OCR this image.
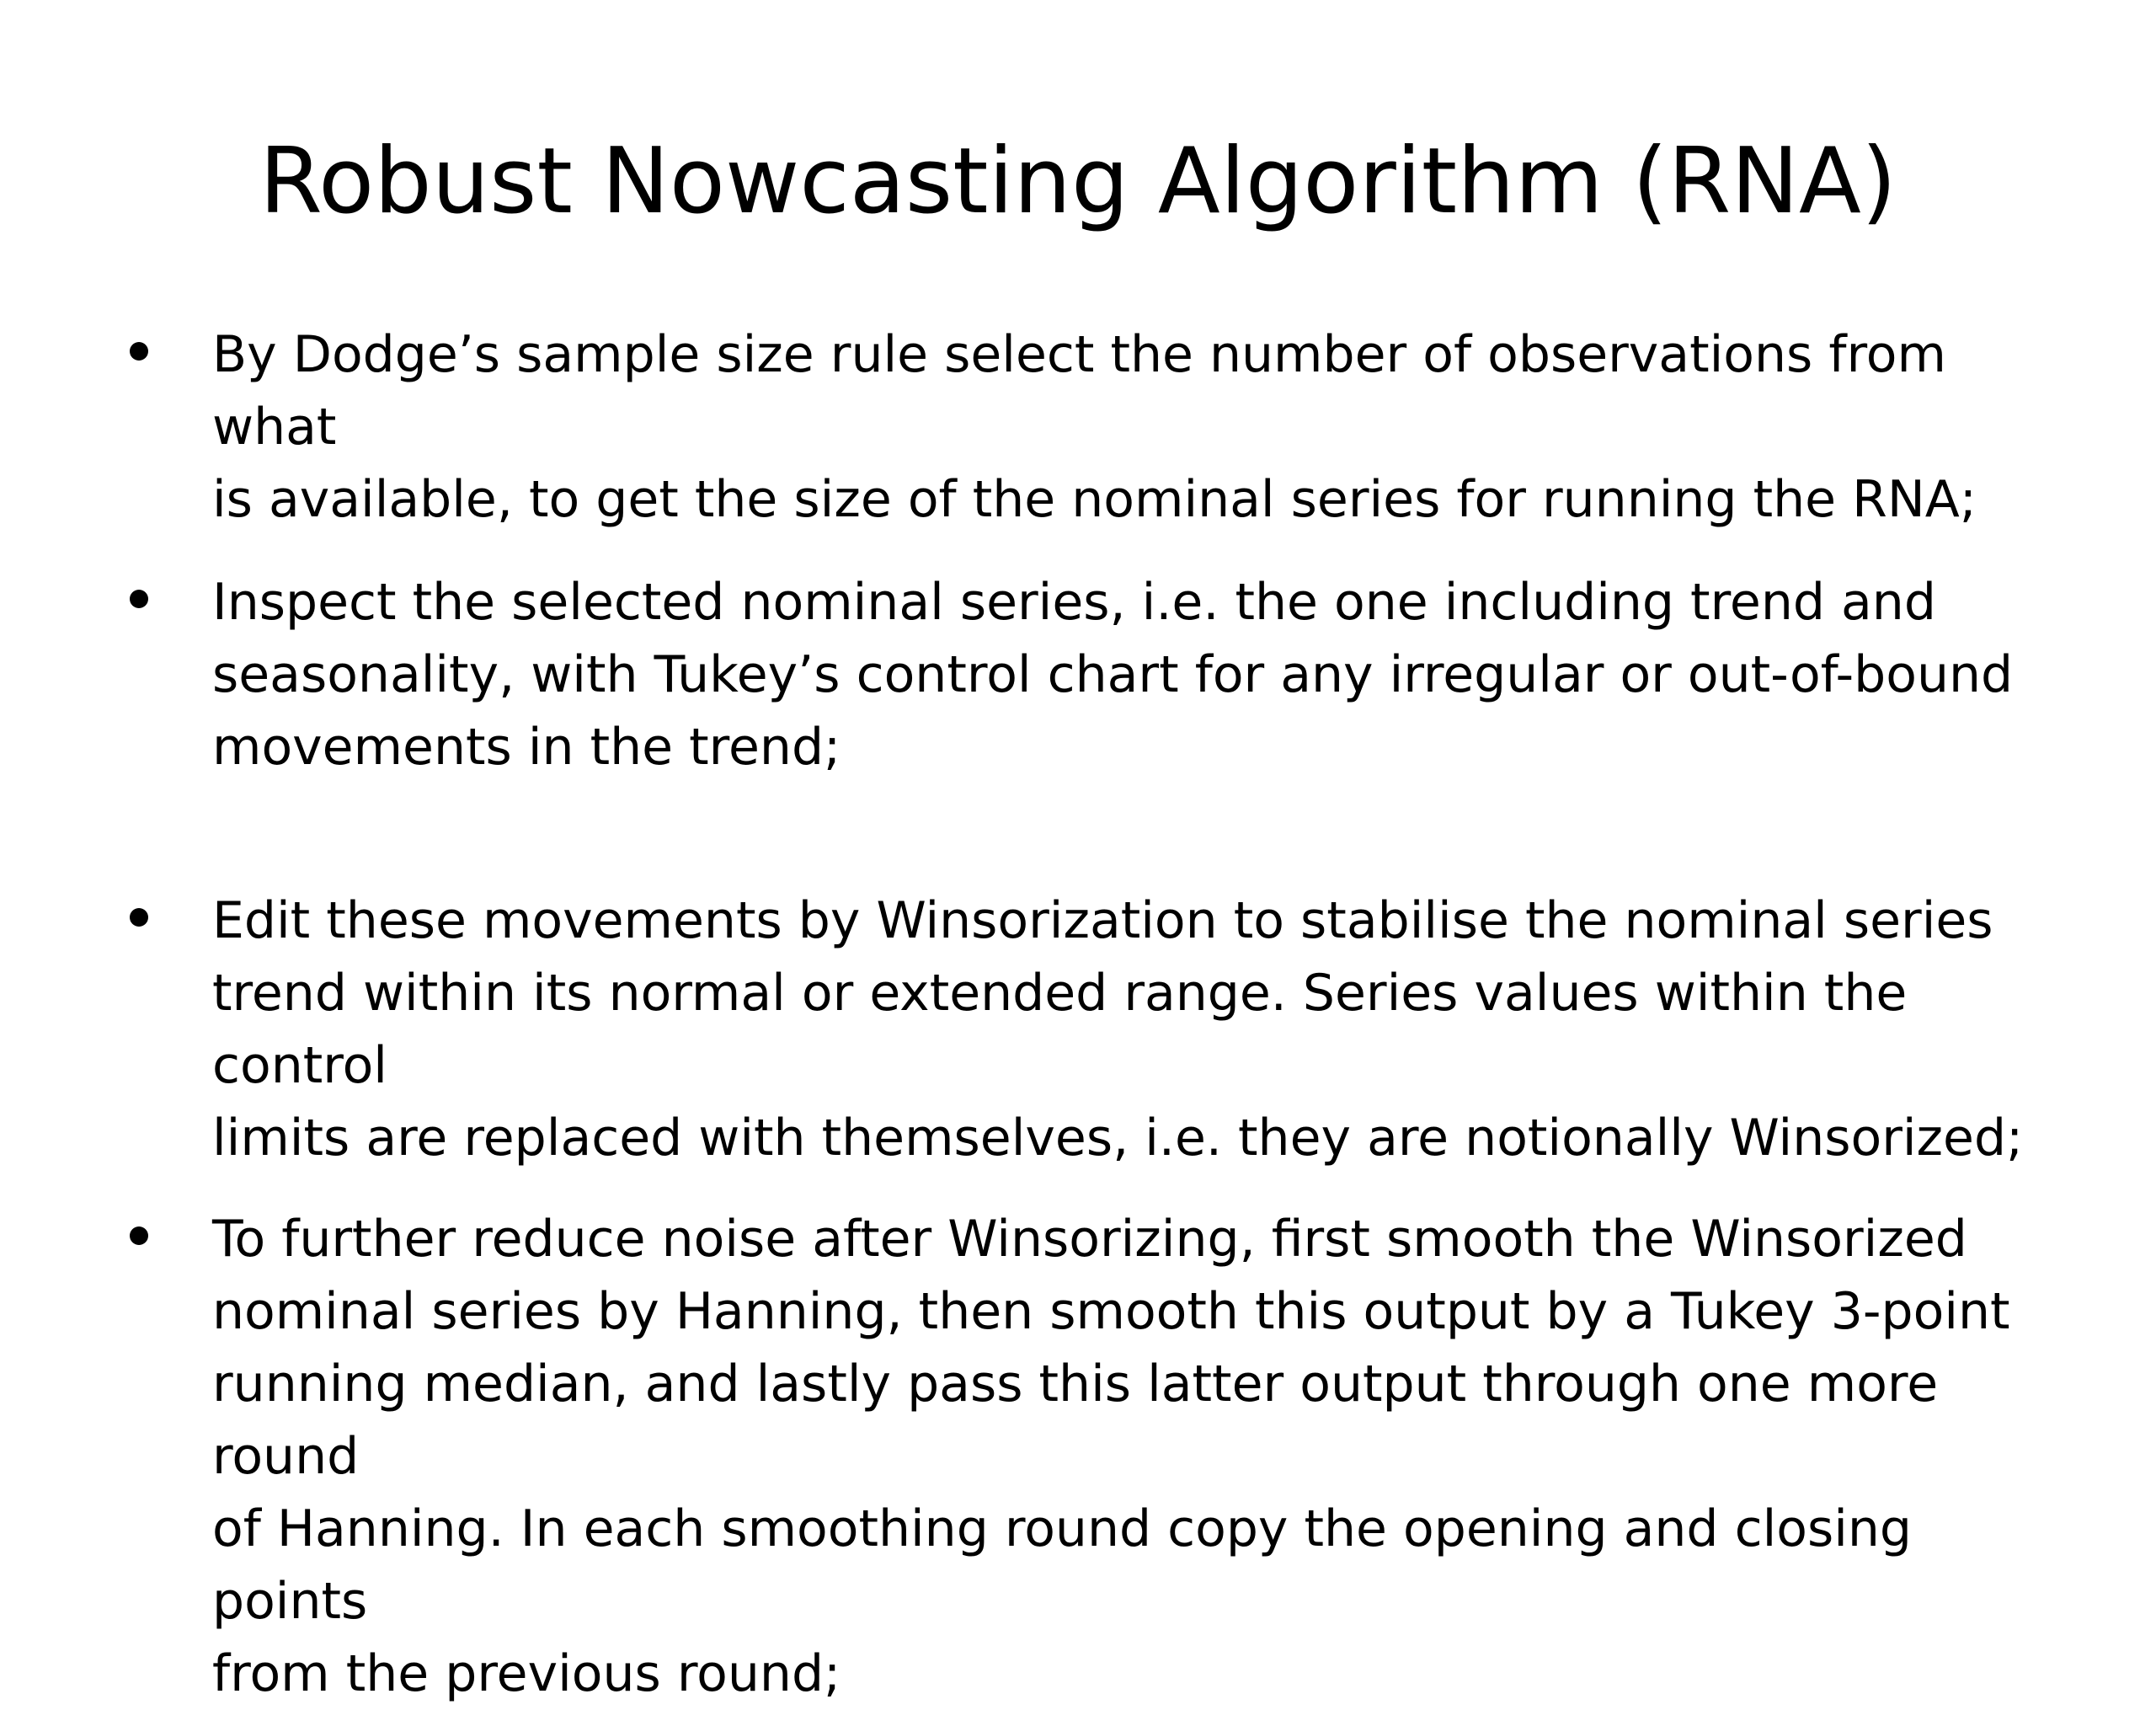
Robust Nowcasting Algorithm (RNA)

By Dodge’s sample size rule select the number of observations from what
is available, to get the size of the nominal series for running the RNA;

Inspect the selected nominal series, i.e. the one including trend and
seasonality, with Tukey’s control chart for any irregular or out-of-bound
movements in the trend;

Edit these movements by Winsorization to stabilise the nominal series
trend within its normal or extended range. Series values within the control
limits are replaced with themselves, i.e. they are notionally Winsorized;

To further reduce noise after Winsorizing, first smooth the Winsorized
nominal series by Hanning, then smooth this output by a Tukey 3-point
running median, and lastly pass this latter output through one more round
of Hanning. In each smoothing round copy the opening and closing points
from the previous round;
